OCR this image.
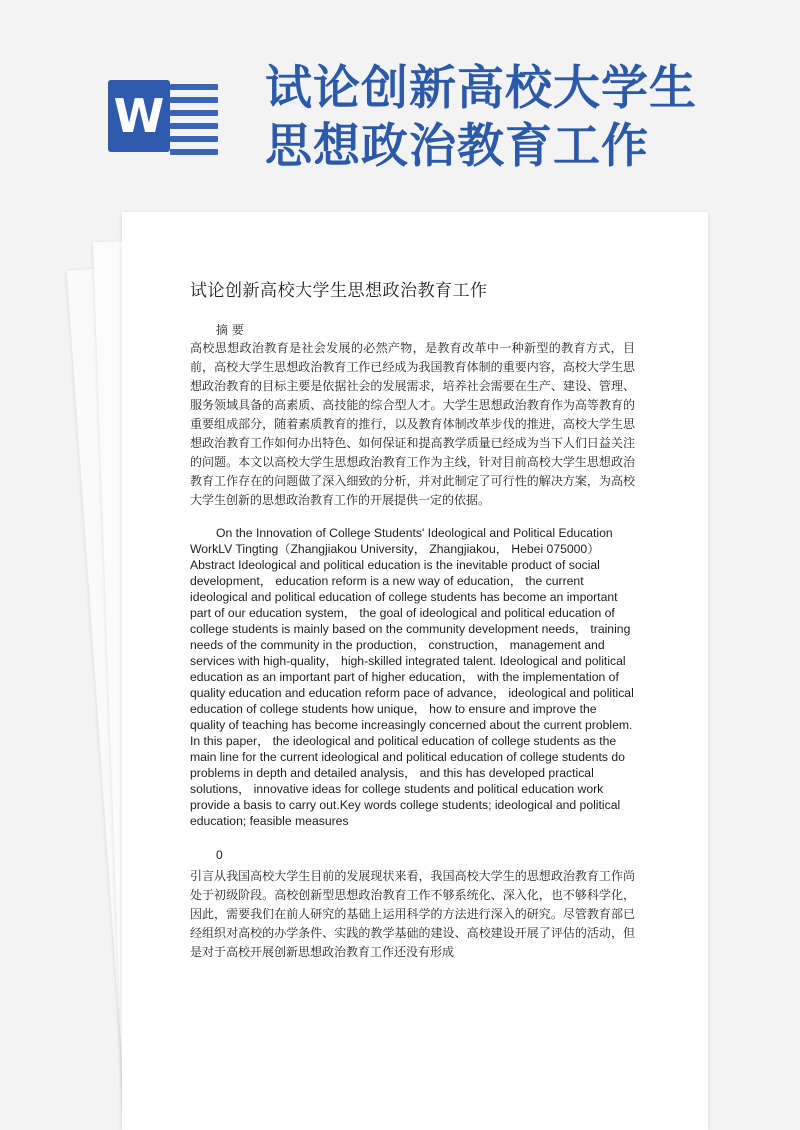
W 试论创新高校大学生思想政治教育工作
试论创新高校大学生思想政治教育工作
摘 要

高校思想政治教育是社会发展的必然产物，是教育改革中一种新型的教育方式，目前，高校大学生思想政治教育工作已经成为我国教育体制的重要内容，高校大学生思想政治教育的目标主要是依据社会的发展需求，培养社会需要在生产、建设、管理、服务领域具备的高素质、高技能的综合型人才。大学生思想政治教育作为高等教育的重要组成部分，随着素质教育的推行，以及教育体制改革步伐的推进，高校大学生思想政治教育工作如何办出特色、如何保证和提高教学质量已经成为当下人们日益关注的问题。本文以高校大学生思想政治教育工作为主线，针对目前高校大学生思想政治教育工作存在的问题做了深入细致的分析，并对此制定了可行性的解决方案，为高校大学生创新的思想政治教育工作的开展提供一定的依据。

On the Innovation of College Students' Ideological and Political Education WorkLV Tingting（Zhangjiakou University， Zhangjiakou， Hebei 075000）Abstract Ideological and political education is the inevitable product of social development， education reform is a new way of education， the current ideological and political education of college students has become an important part of our education system， the goal of ideological and political education of college students is mainly based on the community development needs， training needs of the community in the production， construction， management and services with high-quality， high-skilled integrated talent. Ideological and political education as an important part of higher education， with the implementation of quality education and education reform pace of advance， ideological and political education of college students how unique， how to ensure and improve the quality of teaching has become increasingly concerned about the current problem. In this paper， the ideological and political education of college students as the main line for the current ideological and political education of college students do problems in depth and detailed analysis， and this has developed practical solutions， innovative ideas for college students and political education work provide a basis to carry out.Key words college students; ideological and political education; feasible measures

0

引言从我国高校大学生目前的发展现状来看，我国高校大学生的思想政治教育工作尚处于初级阶段。高校创新型思想政治教育工作不够系统化、深入化，也不够科学化，因此，需要我们在前人研究的基础上运用科学的方法进行深入的研究。尽管教育部已经组织对高校的办学条件、实践的教学基础的建设、高校建设开展了评估的活动，但是对于高校开展创新思想政治教育工作还没有形成
